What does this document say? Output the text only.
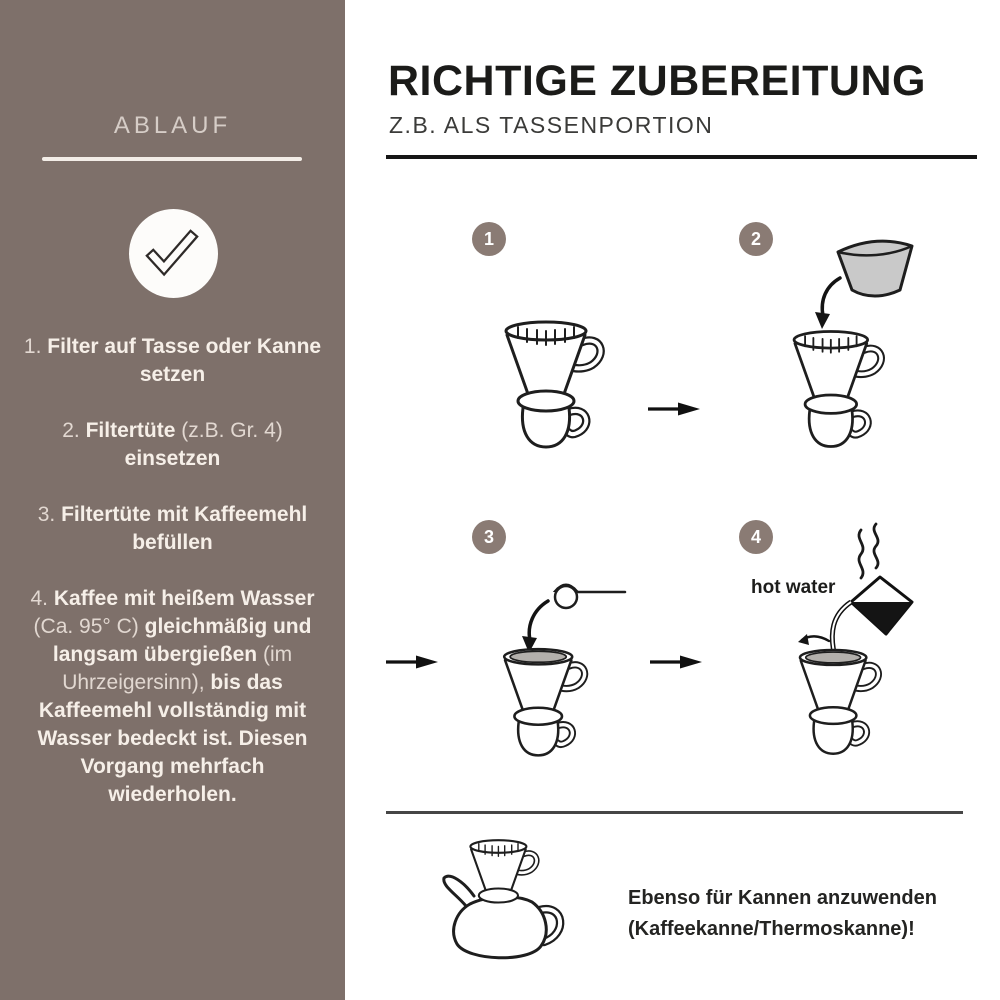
ABLAUF

1. Filter auf Tasse oder Kanne setzen

2. Filtertüte (z.B. Gr. 4) einsetzen

3. Filtertüte mit Kaffeemehl befüllen

4. Kaffee mit heißem Wasser (Ca. 95° C) gleichmäßig und langsam übergießen (im Uhrzeigersinn), bis das Kaffeemehl vollständig mit Wasser bedeckt ist. Diesen Vorgang mehrfach wiederholen.

RICHTIGE ZUBEREITUNG
Z.B. ALS TASSENPORTION
1	2
3	4
hot water
Ebenso für Kannen anzuwenden
(Kaffeekanne/Thermoskanne)!
